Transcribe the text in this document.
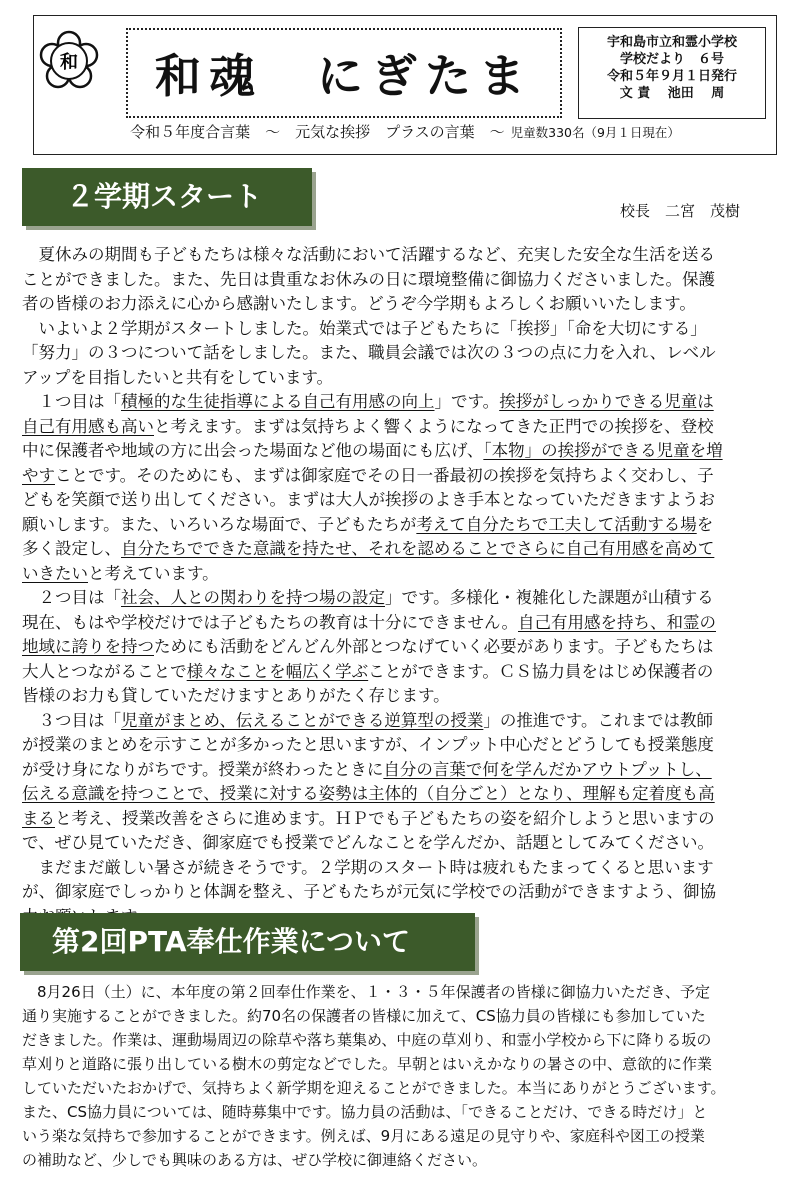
和 和魂　にぎたま
宇和島市立和霊小学校
学校だより　６号
令和５年９月１日発行
文 責　 池田　 周
令和５年度合言葉　～　元気な挨拶　プラスの言葉　～ 児童数330名（9月１日現在）
２学期スタート	校長　二宮　茂樹

　夏休みの期間も子どもたちは様々な活動において活躍するなど、充実した安全な生活を送る

ことができました。また、先日は貴重なお休みの日に環境整備に御協力くださいました。保護

者の皆様のお力添えに心から感謝いたします。どうぞ今学期もよろしくお願いいたします。

　いよいよ２学期がスタートしました。始業式では子どもたちに「挨拶」「命を大切にする」

「努力」の３つについて話をしました。また、職員会議では次の３つの点に力を入れ、レベル

アップを目指したいと共有をしています。

　１つ目は「積極的な生徒指導による自己有用感の向上」です。挨拶がしっかりできる児童は

自己有用感も高いと考えます。まずは気持ちよく響くようになってきた正門での挨拶を、登校

中に保護者や地域の方に出会った場面など他の場面にも広げ、「本物」の挨拶ができる児童を増

やすことです。そのためにも、まずは御家庭でその日一番最初の挨拶を気持ちよく交わし、子

どもを笑顔で送り出してください。まずは大人が挨拶のよき手本となっていただきますようお

願いします。また、いろいろな場面で、子どもたちが考えて自分たちで工夫して活動する場を

多く設定し、自分たちでできた意識を持たせ、それを認めることでさらに自己有用感を高めて

いきたいと考えています。

　２つ目は「社会、人との関わりを持つ場の設定」です。多様化・複雑化した課題が山積する

現在、もはや学校だけでは子どもたちの教育は十分にできません。自己有用感を持ち、和霊の

地域に誇りを持つためにも活動をどんどん外部とつなげていく必要があります。子どもたちは

大人とつながることで様々なことを幅広く学ぶことができます。ＣＳ協力員をはじめ保護者の

皆様のお力も貸していただけますとありがたく存じます。

　３つ目は「児童がまとめ、伝えることができる逆算型の授業」の推進です。これまでは教師

が授業のまとめを示すことが多かったと思いますが、インプット中心だとどうしても授業態度

が受け身になりがちです。授業が終わったときに自分の言葉で何を学んだかアウトプットし、

伝える意識を持つことで、授業に対する姿勢は主体的（自分ごと）となり、理解も定着度も高

まると考え、授業改善をさらに進めます。ＨＰでも子どもたちの姿を紹介しようと思いますの

で、ぜひ見ていただき、御家庭でも授業でどんなことを学んだか、話題としてみてください。

　まだまだ厳しい暑さが続きそうです。２学期のスタート時は疲れもたまってくると思います

が、御家庭でしっかりと体調を整え、子どもたちが元気に学校での活動ができますよう、御協

第2回PTA奉仕作業について

　8月26日（土）に、本年度の第２回奉仕作業を、１・３・５年保護者の皆様に御協力いただき、予定

通り実施することができました。約70名の保護者の皆様に加えて、CS協力員の皆様にも参加していた

だきました。作業は、運動場周辺の除草や落ち葉集め、中庭の草刈り、和霊小学校から下に降りる坂の

草刈りと道路に張り出している樹木の剪定などでした。早朝とはいえかなりの暑さの中、意欲的に作業

していただいたおかげで、気持ちよく新学期を迎えることができました。本当にありがとうございます。

また、CS協力員については、随時募集中です。協力員の活動は、「できることだけ、できる時だけ」と

いう楽な気持ちで参加することができます。例えば、9月にある遠足の見守りや、家庭科や図工の授業

の補助など、少しでも興味のある方は、ぜひ学校に御連絡ください。
